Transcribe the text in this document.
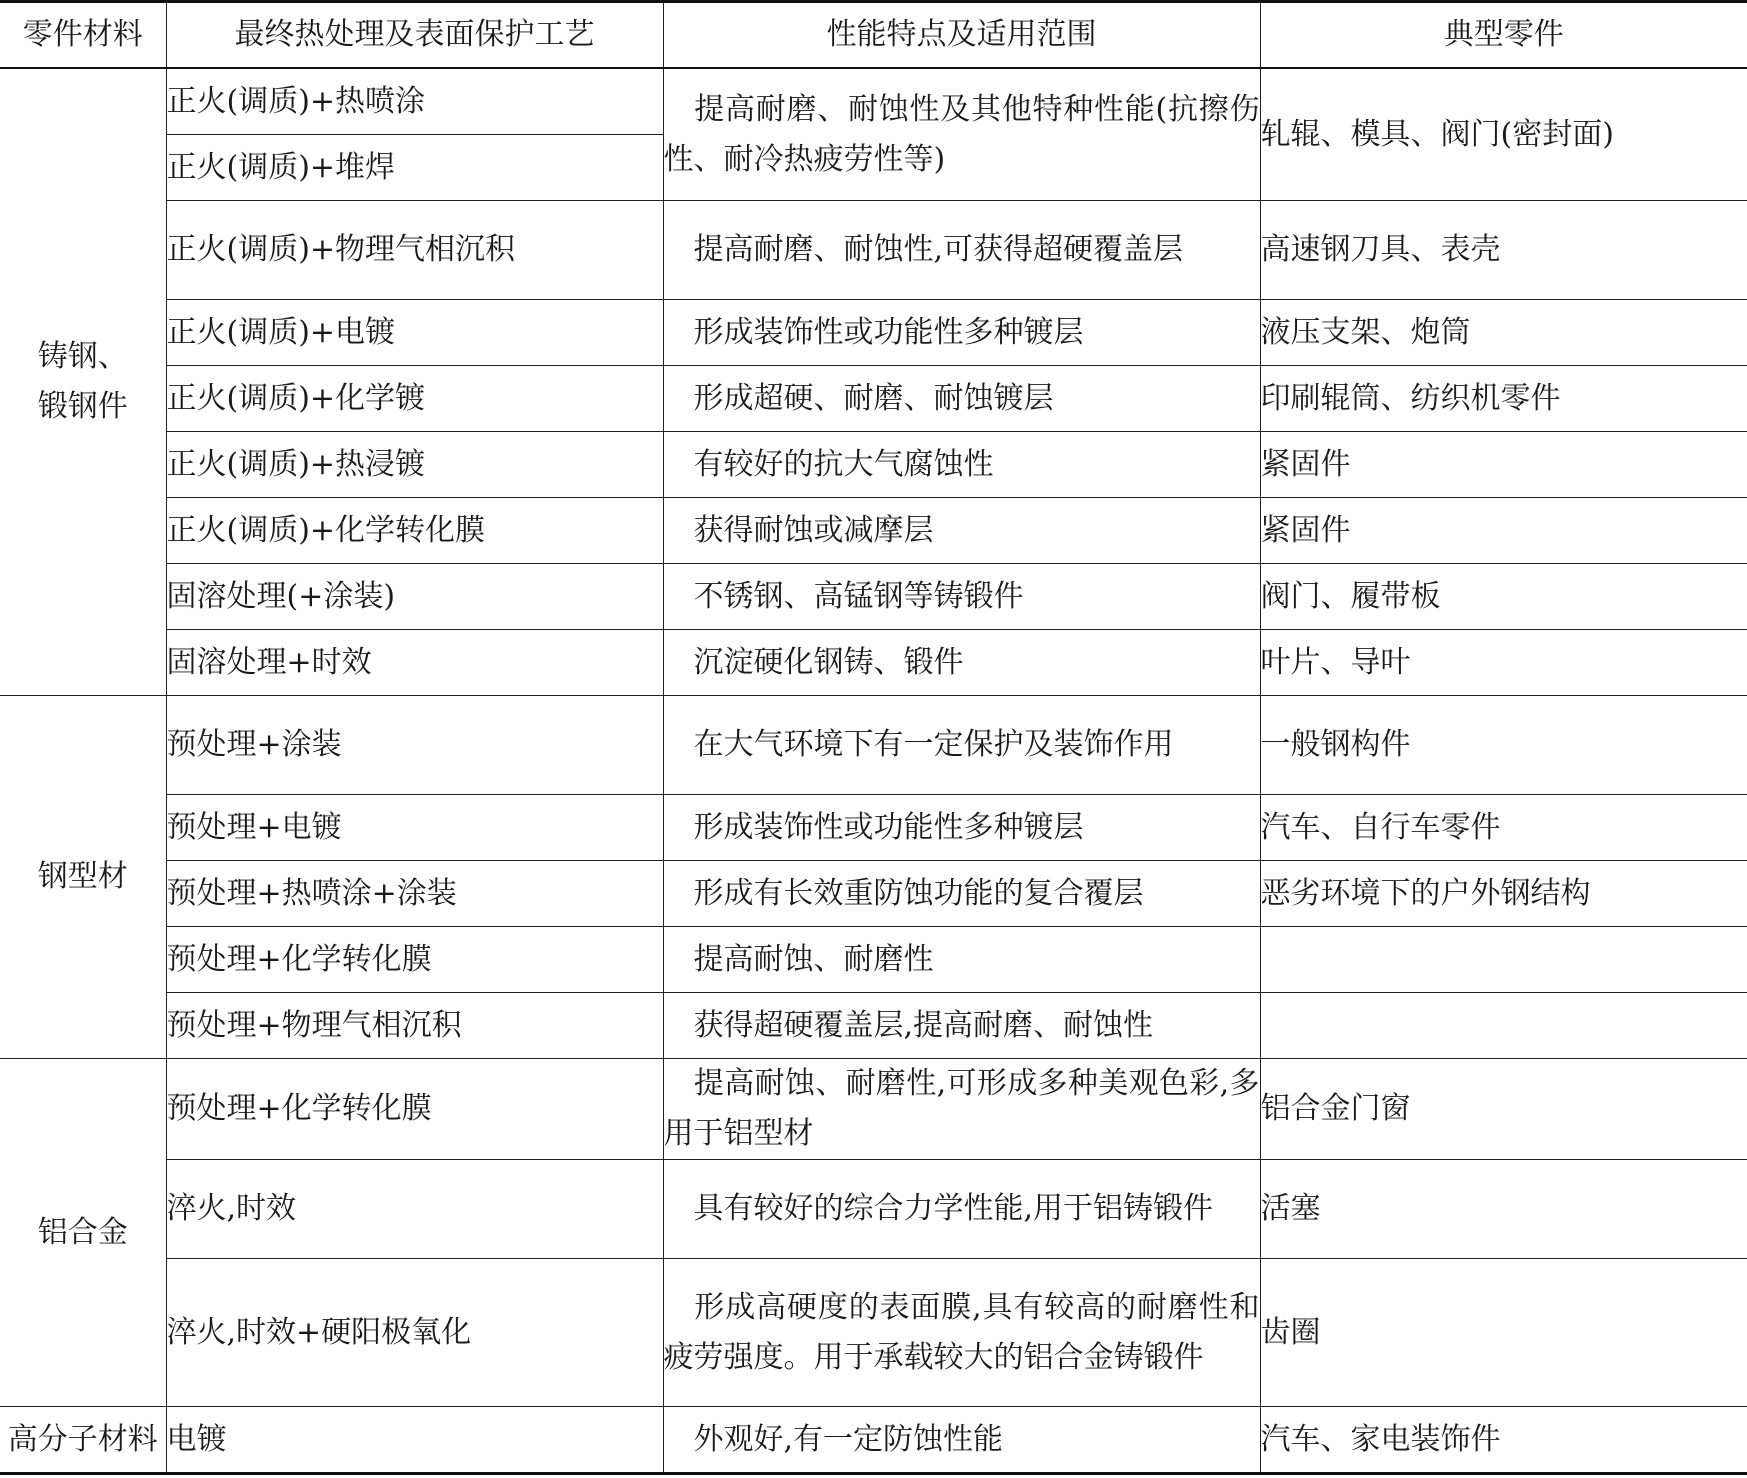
零件材料	最终热处理及表面保护工艺	性能特点及适用范围	典型零件
铸钢、
锻钢件	正火(调质)+热喷涂	提高耐磨、耐蚀性及其他特种性能(抗擦伤性、耐冷热疲劳性等)	轧辊、模具、阀门(密封面)
	正火(调质)+堆焊		
	正火(调质)+物理气相沉积	提高耐磨、耐蚀性,可获得超硬覆盖层	高速钢刀具、表壳
	正火(调质)+电镀	形成装饰性或功能性多种镀层	液压支架、炮筒
	正火(调质)+化学镀	形成超硬、耐磨、耐蚀镀层	印刷辊筒、纺织机零件
	正火(调质)+热浸镀	有较好的抗大气腐蚀性	紧固件
	正火(调质)+化学转化膜	获得耐蚀或减摩层	紧固件
	固溶处理(+涂装)	不锈钢、高锰钢等铸锻件	阀门、履带板
	固溶处理+时效	沉淀硬化钢铸、锻件	叶片、导叶
钢型材	预处理+涂装	在大气环境下有一定保护及装饰作用	一般钢构件
	预处理+电镀	形成装饰性或功能性多种镀层	汽车、自行车零件
	预处理+热喷涂+涂装	形成有长效重防蚀功能的复合覆层	恶劣环境下的户外钢结构
	预处理+化学转化膜	提高耐蚀、耐磨性	
	预处理+物理气相沉积	获得超硬覆盖层,提高耐磨、耐蚀性	
铝合金	预处理+化学转化膜	提高耐蚀、耐磨性,可形成多种美观色彩,多用于铝型材	铝合金门窗
	淬火,时效	具有较好的综合力学性能,用于铝铸锻件	活塞
	淬火,时效+硬阳极氧化	形成高硬度的表面膜,具有较高的耐磨性和疲劳强度。用于承载较大的铝合金铸锻件	齿圈
高分子材料	电镀	外观好,有一定防蚀性能	汽车、家电装饰件
